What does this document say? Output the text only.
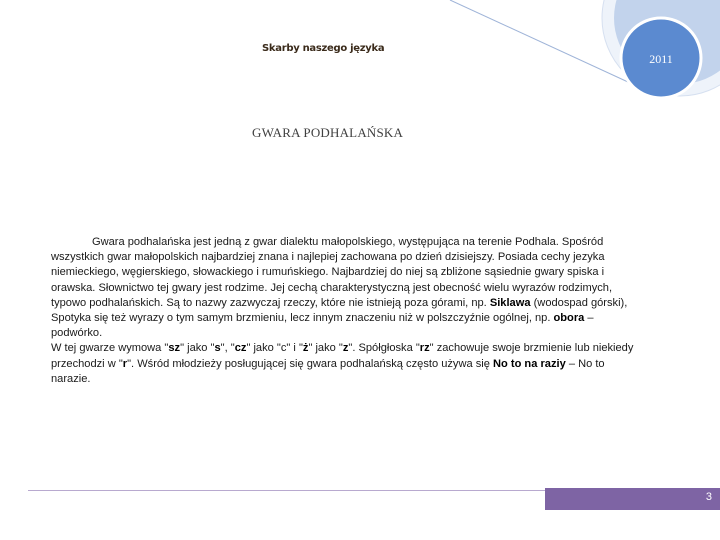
Skarby naszego języka
2011
GWARA PODHALAŃSKA

Gwara podhalańska jest jedną z gwar dialektu małopolskiego, występująca na terenie Podhala. Spośród wszystkich gwar małopolskich najbardziej znana i najlepiej zachowana po dzień dzisiejszy. Posiada cechy jezyka niemieckiego, węgierskiego, słowackiego i rumuńskiego. Najbardziej do niej są zbliżone sąsiednie gwary spiska i orawska. Słownictwo tej gwary jest rodzime. Jej cechą charakterystyczną jest obecność wielu wyrazów rodzimych, typowo podhalańskich. Są to nazwy zazwyczaj rzeczy, które nie istnieją poza górami, np. Siklawa (wodospad górski), Spotyka się też wyrazy o tym samym brzmieniu, lecz innym znaczeniu niż w polszczyźnie ogólnej, np. obora – podwórko.

W tej gwarze wymowa "sz" jako "s", "cz" jako "c" i "ż" jako "z". Spółgłoska "rz" zachowuje swoje brzmienie lub niekiedy przechodzi w "r". Wśród młodzieży posługującej się gwara podhalańską często używa się No to na raziy – No to narazie.

3
